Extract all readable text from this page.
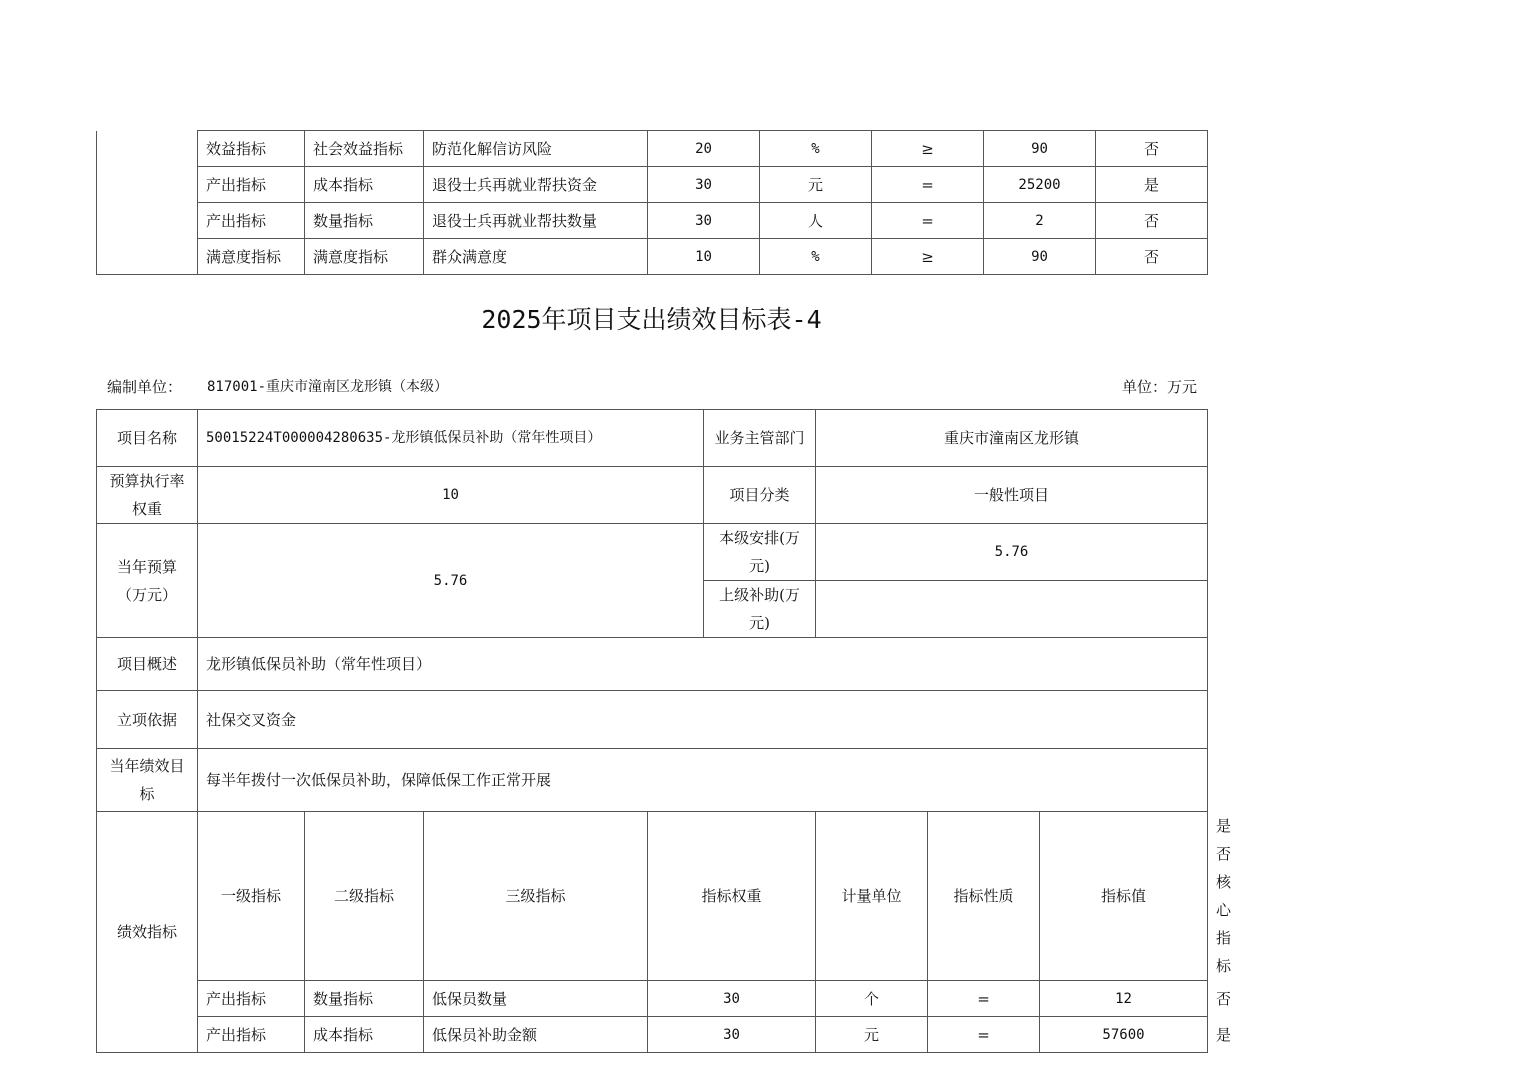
	效益指标	社会效益指标	防范化解信访风险	20	%	≥	90	否
	产出指标	成本指标	退役士兵再就业帮扶资金	30	元	=	25200	是
	产出指标	数量指标	退役士兵再就业帮扶数量	30	人	=	2	否
	满意度指标	满意度指标	群众满意度	10	%	≥	90	否
2025年项目支出绩效目标表-4
编制单位： 817001-重庆市潼南区龙形镇（本级）	单位：万元
项目名称	50015224T000004280635-龙形镇低保员补助（常年性项目）				业务主管部门	重庆市潼南区龙形镇			
预算执行率权重	10				项目分类	一般性项目			
当年预算（万元）	5.76				本级安排(万元)	5.76			
					上级补助(万元)				
项目概述	龙形镇低保员补助（常年性项目）								
立项依据	社保交叉资金								
当年绩效目标	每半年拨付一次低保员补助，保障低保工作正常开展								
绩效指标	一级指标	二级指标	三级指标	指标权重		计量单位	指标性质	指标值	是否核心指标
	产出指标	数量指标	低保员数量	30		个	=	12	否
	产出指标	成本指标	低保员补助金额	30		元	=	57600	是
